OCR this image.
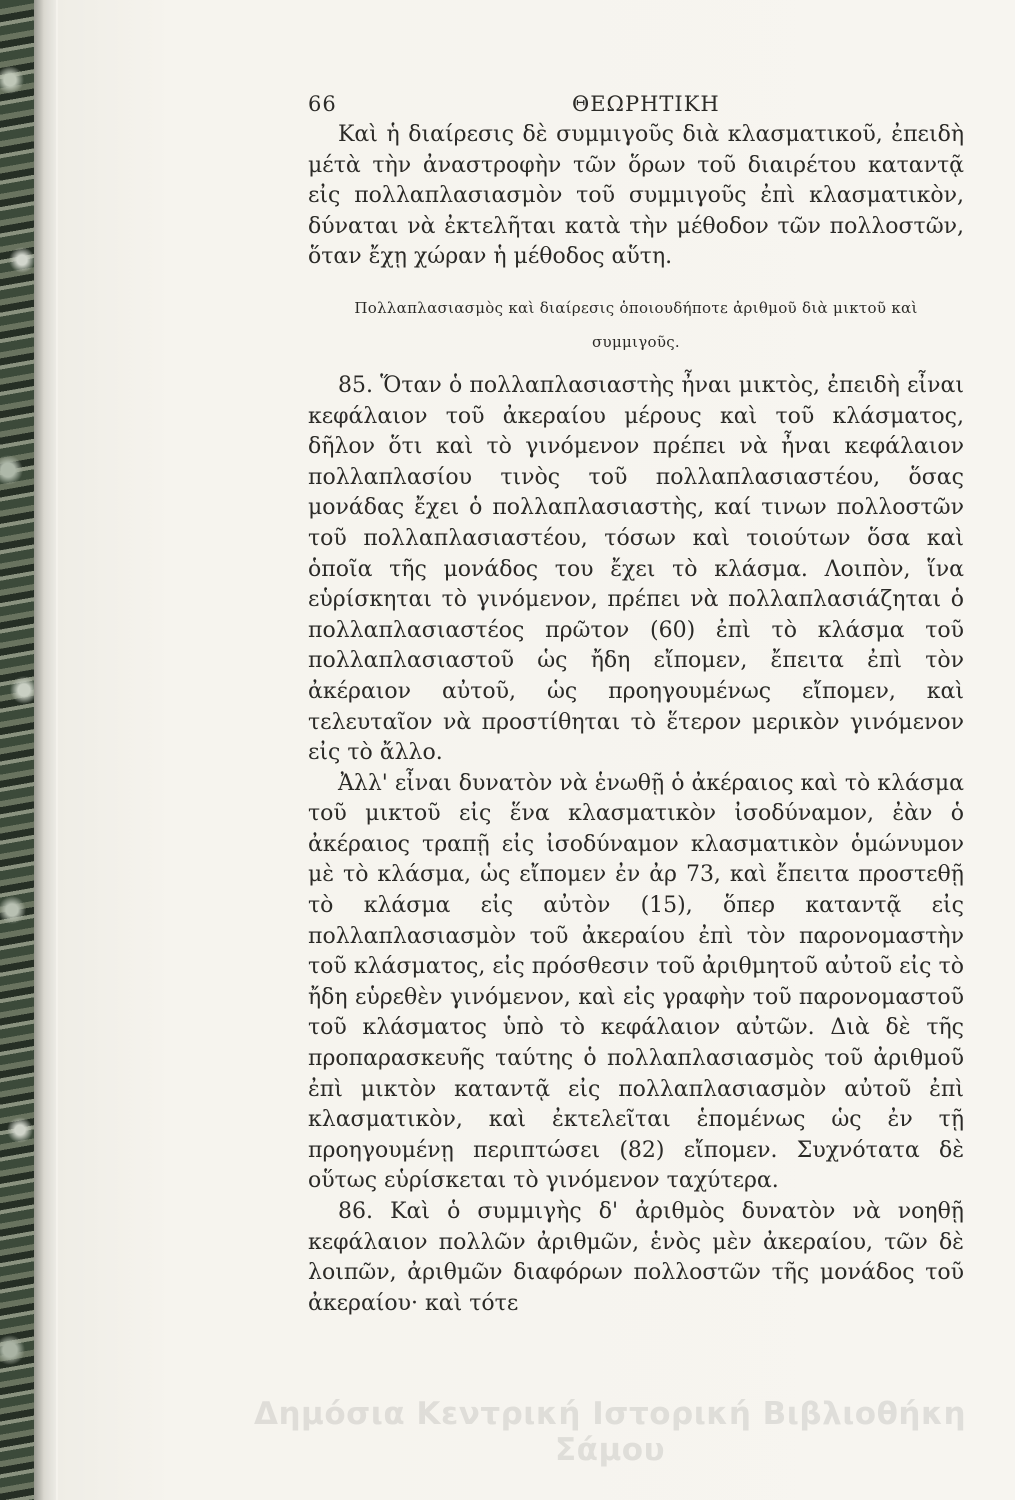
66	ΘΕΩΡΗΤΙΚΗ

Καὶ ἡ διαίρεσις δὲ συμμιγοῦς διὰ κλασματικοῦ, ἐπειδὴ μέτὰ τὴν ἀναστροφὴν τῶν ὅρων τοῦ διαιρέτου καταντᾷ εἰς πολλαπλασιασμὸν τοῦ συμμιγοῦς ἐπὶ κλασματικὸν, δύναται νὰ ἐκτελῆται κατὰ τὴν μέθοδον τῶν πολλοστῶν, ὅταν ἔχῃ χώραν ἡ μέθοδος αὕτη.

Πολλαπλασιασμὸς καὶ διαίρεσις ὁποιουδήποτε ἀριθμοῦ διὰ μικτοῦ καὶ συμμιγοῦς.

85. Ὅταν ὁ πολλαπλασιαστὴς ἦναι μικτὸς, ἐπειδὴ εἶναι κεφάλαιον τοῦ ἀκεραίου μέρους καὶ τοῦ κλάσματος, δῆλον ὅτι καὶ τὸ γινόμενον πρέπει νὰ ἦναι κεφάλαιον πολλαπλασίου τινὸς τοῦ πολλαπλασιαστέου, ὅσας μονάδας ἔχει ὁ πολλαπλασιαστὴς, καί τινων πολλοστῶν τοῦ πολλαπλασιαστέου, τόσων καὶ τοιούτων ὅσα καὶ ὁποῖα τῆς μονάδος του ἔχει τὸ κλάσμα. Λοιπὸν, ἵνα εὑρίσκηται τὸ γινόμενον, πρέπει νὰ πολλαπλασιάζηται ὁ πολλαπλασιαστέος πρῶτον (60) ἐπὶ τὸ κλάσμα τοῦ πολλαπλασιαστοῦ ὡς ἤδη εἴπομεν, ἔπειτα ἐπὶ τὸν ἀκέραιον αὐτοῦ, ὡς προηγουμένως εἴπομεν, καὶ τελευταῖον νὰ προστίθηται τὸ ἕτερον μερικὸν γινόμενον εἰς τὸ ἄλλο.

Ἀλλ' εἶναι δυνατὸν νὰ ἑνωθῇ ὁ ἀκέραιος καὶ τὸ κλάσμα τοῦ μικτοῦ εἰς ἕνα κλασματικὸν ἰσοδύναμον, ἐὰν ὁ ἀκέραιος τραπῇ εἰς ἰσοδύναμον κλασματικὸν ὁμώνυμον μὲ τὸ κλάσμα, ὡς εἴπομεν ἐν ἀρ 73, καὶ ἔπειτα προστεθῇ τὸ κλάσμα εἰς αὐτὸν (15), ὅπερ καταντᾷ εἰς πολλαπλασιασμὸν τοῦ ἀκεραίου ἐπὶ τὸν παρονομαστὴν τοῦ κλάσματος, εἰς πρόσθεσιν τοῦ ἀριθμητοῦ αὐτοῦ εἰς τὸ ἤδη εὑρεθὲν γινόμενον, καὶ εἰς γραφὴν τοῦ παρονομαστοῦ τοῦ κλάσματος ὑπὸ τὸ κεφάλαιον αὐτῶν. Διὰ δὲ τῆς προπαρασκευῆς ταύτης ὁ πολλαπλασιασμὸς τοῦ ἀριθμοῦ ἐπὶ μικτὸν καταντᾷ εἰς πολλαπλασιασμὸν αὐτοῦ ἐπὶ κλασματικὸν, καὶ ἐκτελεῖται ἑπομένως ὡς ἐν τῇ προηγουμένῃ περιπτώσει (82) εἴπομεν. Συχνότατα δὲ οὕτως εὑρίσκεται τὸ γινόμενον ταχύτερα.

86. Καὶ ὁ συμμιγὴς δ' ἀριθμὸς δυνατὸν νὰ νοηθῇ κεφάλαιον πολλῶν ἀριθμῶν, ἑνὸς μὲν ἀκεραίου, τῶν δὲ λοιπῶν, ἀριθμῶν διαφόρων πολλοστῶν τῆς μονάδος τοῦ ἀκεραίου· καὶ τότε

Δημόσια Κεντρική Ιστορική Βιβλιοθήκη Σάμου
